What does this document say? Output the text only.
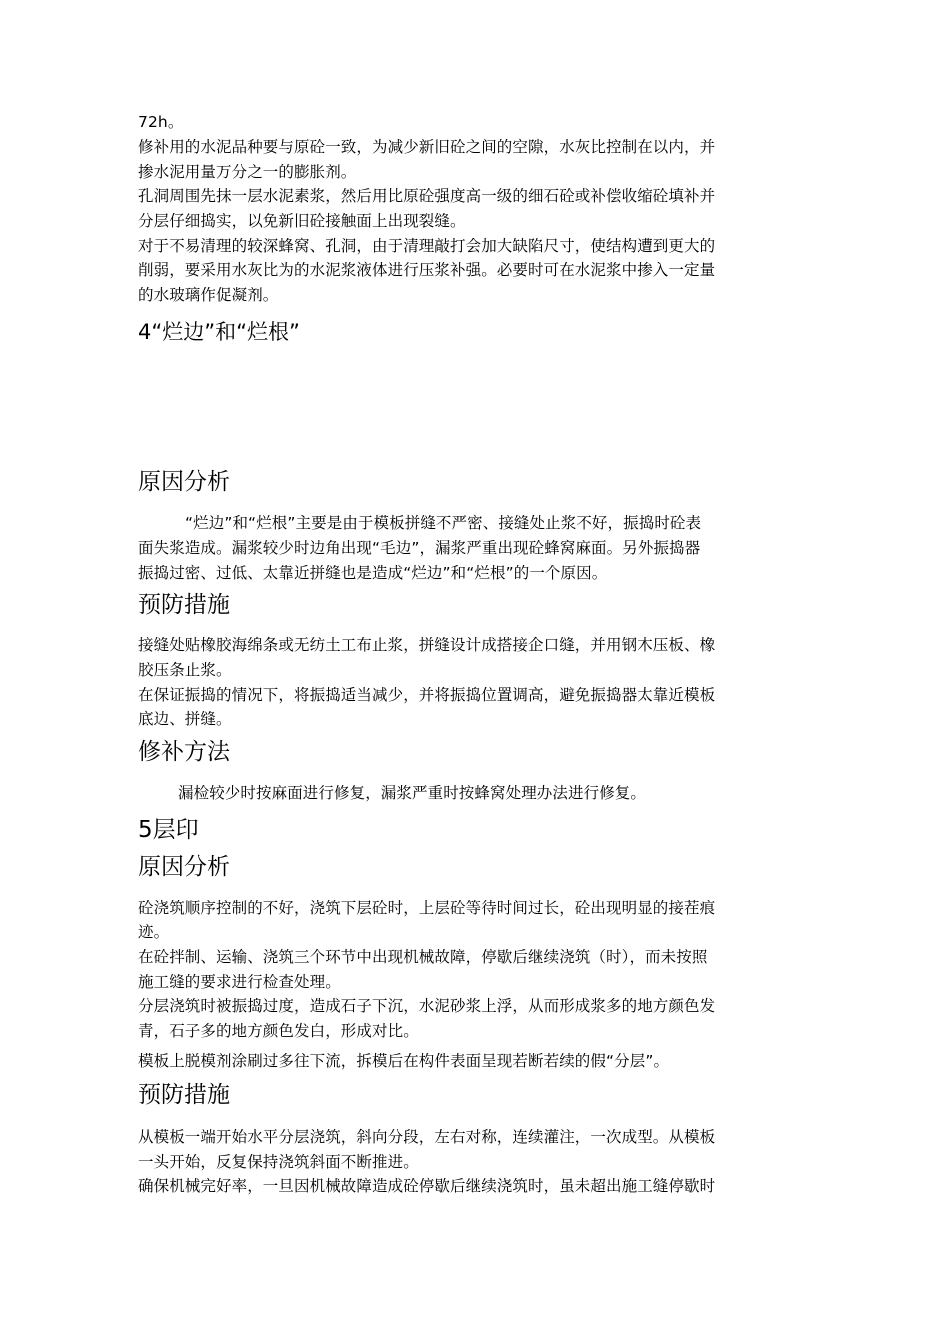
72h。
修补用的水泥品种要与原砼一致，为减少新旧砼之间的空隙，水灰比控制在以内，并
掺水泥用量万分之一的膨胀剂。
孔洞周围先抹一层水泥素浆，然后用比原砼强度高一级的细石砼或补偿收缩砼填补并
分层仔细捣实，以免新旧砼接触面上出现裂缝。
对于不易清理的较深蜂窝、孔洞，由于清理敲打会加大缺陷尺寸，使结构遭到更大的
削弱，要采用水灰比为的水泥浆液体进行压浆补强。必要时可在水泥浆中掺入一定量
的水玻璃作促凝剂。
4“烂边”和“烂根”
原因分析
“烂边”和“烂根”主要是由于模板拼缝不严密、接缝处止浆不好，振捣时砼表
面失浆造成。漏浆较少时边角出现“毛边”，漏浆严重出现砼蜂窝麻面。另外振捣器
振捣过密、过低、太靠近拼缝也是造成“烂边”和“烂根”的一个原因。
预防措施
接缝处贴橡胶海绵条或无纺土工布止浆，拼缝设计成搭接企口缝，并用钢木压板、橡
胶压条止浆。
在保证振捣的情况下，将振捣适当减少，并将振捣位置调高，避免振捣器太靠近模板
底边、拼缝。
修补方法
漏检较少时按麻面进行修复，漏浆严重时按蜂窝处理办法进行修复。
5层印
原因分析
砼浇筑顺序控制的不好，浇筑下层砼时，上层砼等待时间过长，砼出现明显的接茬痕
迹。
在砼拌制、运输、浇筑三个环节中出现机械故障，停歇后继续浇筑（时），而未按照
施工缝的要求进行检查处理。
分层浇筑时被振捣过度，造成石子下沉，水泥砂浆上浮，从而形成浆多的地方颜色发
青，石子多的地方颜色发白，形成对比。
模板上脱模剂涂刷过多往下流，拆模后在构件表面呈现若断若续的假“分层”。
预防措施
从模板一端开始水平分层浇筑，斜向分段，左右对称，连续灌注，一次成型。从模板
一头开始，反复保持浇筑斜面不断推进。
确保机械完好率，一旦因机械故障造成砼停歇后继续浇筑时，虽未超出施工缝停歇时
